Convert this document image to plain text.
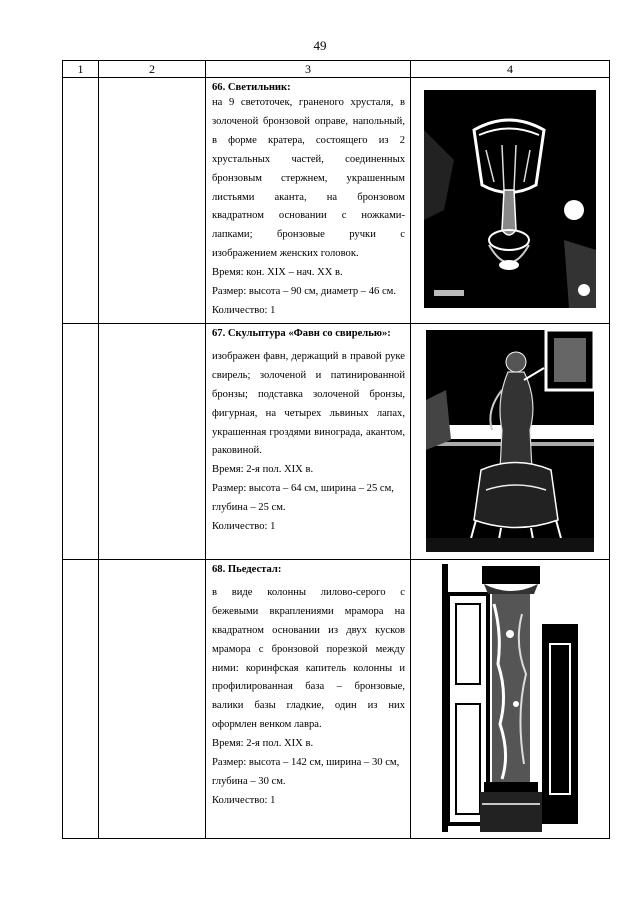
49
1	2	3	4

		66. Светильник:
на 9 светоточек, граненого хрусталя, в золоченой бронзовой оправе, напольный, в форме кратера, состоящего из 2 хрустальных частей, соединенных бронзовым стержнем, украшенным листьями аканта, на бронзовом квадратном основании с ножками-лапками; бронзовые ручки с изображением женских головок.
Время: кон. XIX – нач. XX в.
Размер: высота – 90 см, диаметр – 46 см.
Количество: 1

		67. Скульптура «Фавн со свирелью»:
изображен фавн, держащий в правой руке свирель; золоченой и патинированной бронзы; подставка золоченой бронзы, фигурная, на четырех львиных лапах, украшенная гроздями винограда, акантом, раковиной.
Время: 2-я пол. XIX в.
Размер: высота – 64 см, ширина – 25 см, глубина – 25 см.
Количество: 1

		68. Пьедестал:
в виде колонны лилово-серого с бежевыми вкраплениями мрамора на квадратном основании из двух кусков мрамора с бронзовой порезкой между ними: коринфская капитель колонны и профилированная база – бронзовые, валики базы гладкие, один из них оформлен венком лавра.
Время: 2-я пол. XIX в.
Размер: высота – 142 см, ширина – 30 см, глубина – 30 см.
Количество: 1
